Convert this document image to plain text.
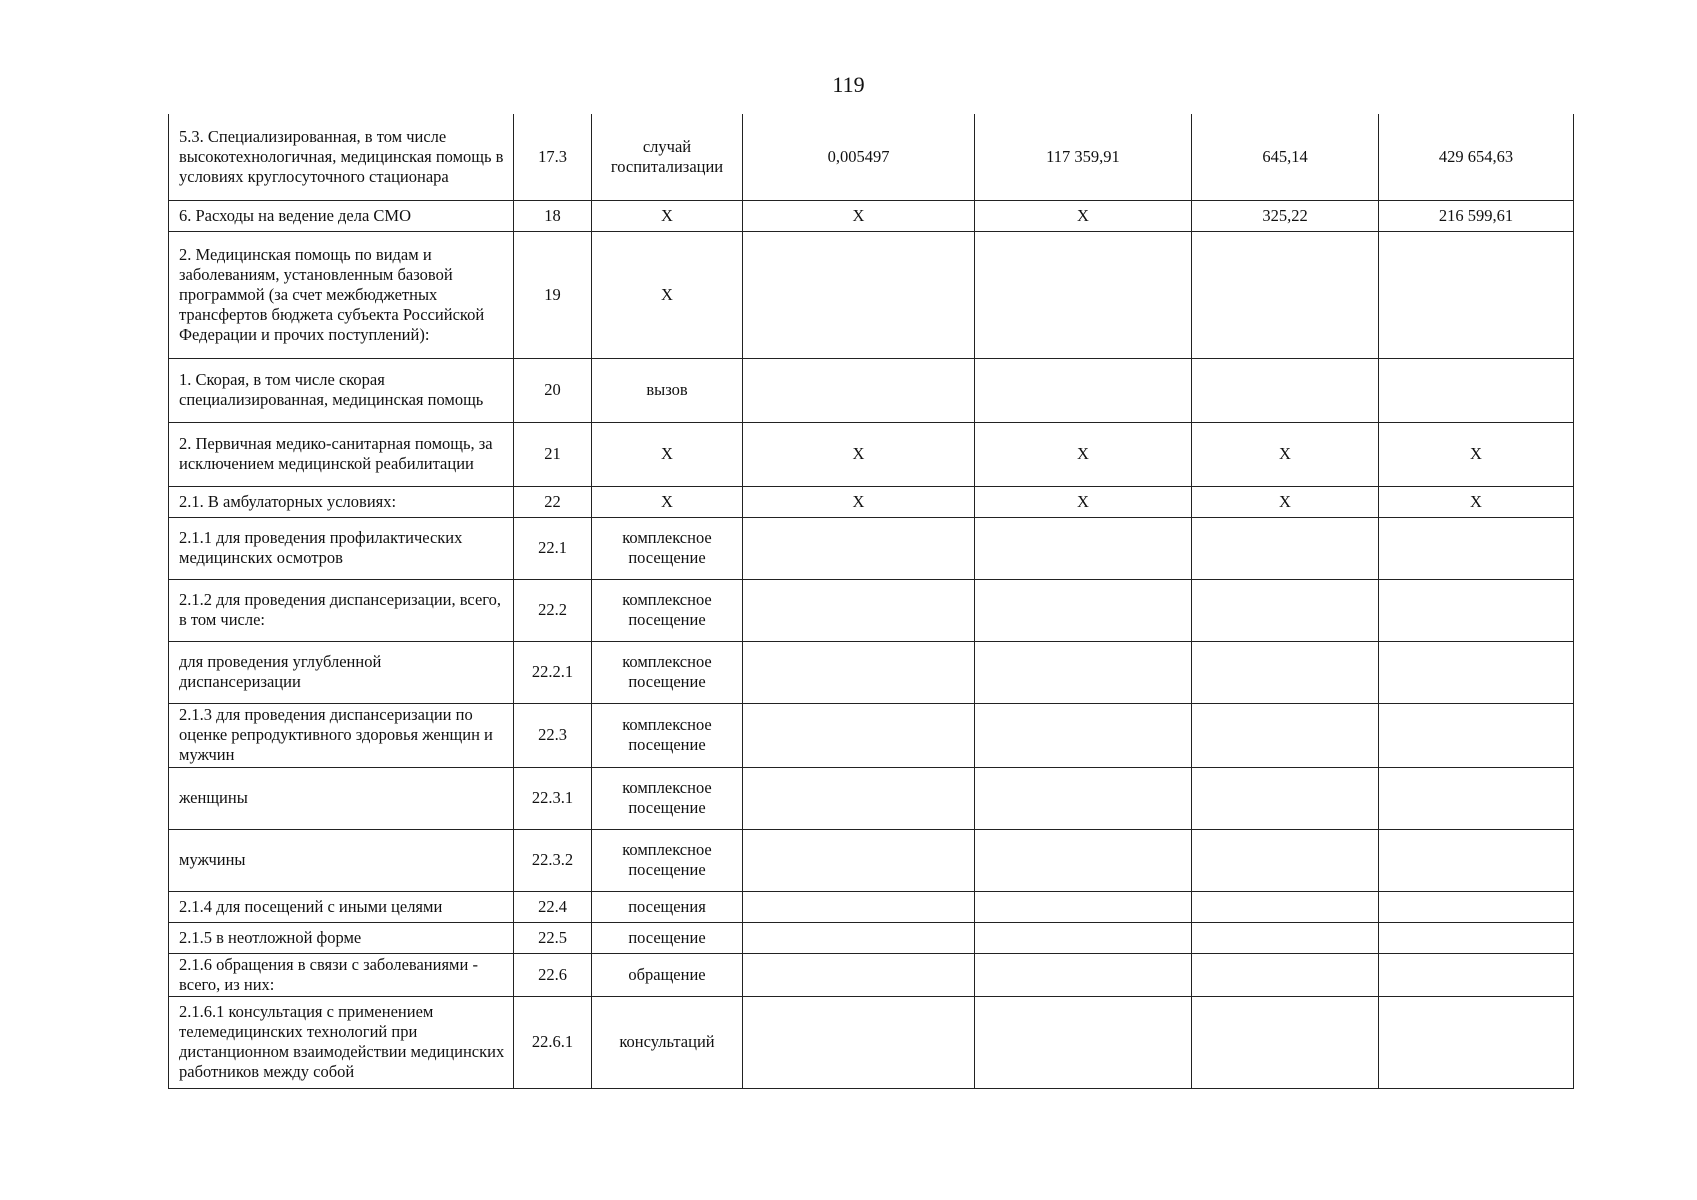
119
5.3. Специализированная, в том числе высокотехнологичная, медицинская помощь в условиях круглосуточного стационара	17.3	случай госпитализации	0,005497	117 359,91	645,14	429 654,63
6. Расходы на ведение дела СМО	18	X	X	X	325,22	216 599,61
2. Медицинская помощь по видам и заболеваниям, установленным базовой программой (за счет межбюджетных трансфертов бюджета субъекта Российской Федерации и прочих поступлений):	19	X				
1. Скорая, в том числе скорая специализированная, медицинская помощь	20	вызов				
2. Первичная медико-санитарная помощь, за исключением медицинской реабилитации	21	X	X	X	X	X
2.1. В амбулаторных условиях:	22	X	X	X	X	X
2.1.1 для проведения профилактических медицинских осмотров	22.1	комплексное посещение				
2.1.2 для проведения диспансеризации, всего, в том числе:	22.2	комплексное посещение				
для проведения углубленной диспансеризации	22.2.1	комплексное посещение				
2.1.3 для проведения диспансеризации по оценке репродуктивного здоровья женщин и мужчин	22.3	комплексное посещение				
женщины	22.3.1	комплексное посещение				
мужчины	22.3.2	комплексное посещение				
2.1.4 для посещений с иными целями	22.4	посещения				
2.1.5 в неотложной форме	22.5	посещение				
2.1.6 обращения в связи с заболеваниями - всего, из них:	22.6	обращение				
2.1.6.1 консультация с применением телемедицинских технологий при дистанционном взаимодействии медицинских работников между собой	22.6.1	консультаций				
